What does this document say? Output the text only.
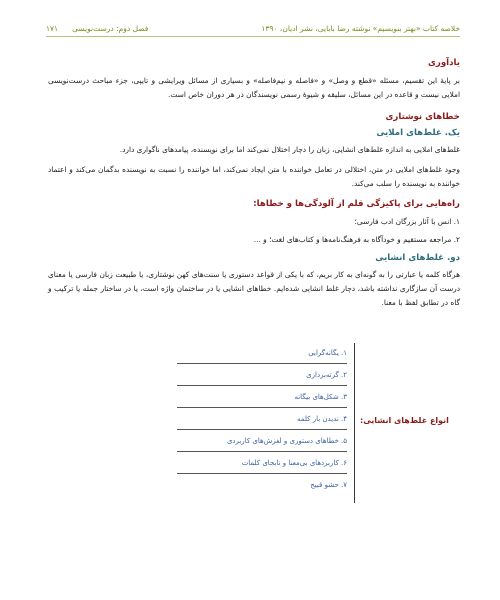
خلاصه کتاب «بهتر بنویسیم» نوشته رضا بابایی، نشر ادیان، ۱۳۹۰
۱۷۱ فصل دوم: درست‌نویسی
یادآوری

بر پایهٔ این تقسیم، مسئله «قطع و وصل» و «فاصله و نیم‌فاصله» و بسیاری از مسائل ویرایشی و تایپی، جزء مباحث درست‌نویسی املایی نیست و قاعده در این مسائل، سلیقه و شیوهٔ رسمی نویسندگان در هر دوران خاص است.

خطاهای نوشتاری
یک. غلط‌های املایی

غلط‌های املایی به اندازه غلط‌های انشایی، زبان را دچار اختلال نمی‌کند اما برای نویسنده، پیامدهای ناگواری دارد.

وجود غلط‌های املایی در متن، اختلالی در تعامل خواننده با متن ایجاد نمی‌کند، اما خواننده را نسبت به نویسنده بدگمان می‌کند و اعتماد خواننده به نویسنده را سلب می‌کند.

راه‌هایی برای پاکیزگی قلم از آلودگی‌ها و خطاها:
۱. انس با آثار بزرگان ادب فارسی؛
۲. مراجعه مستقیم و خودآگاه به فرهنگ‌نامه‌ها و کتاب‌های لغت؛ و ...
دو. غلط‌های انشایی

هرگاه کلمه یا عبارتی را به گونه‌ای به کار بریم، که با یکی از قواعد دستوری یا سنت‌های کهن نوشتاری، یا طبیعت زبان فارسی یا معنای درست آن سازگاری نداشته باشد، دچار غلط انشایی شده‌ایم. خطاهای انشایی یا در ساختمان واژه است، یا در ساختار جمله یا ترکیب و گاه در تطابق لفظ با معنا.

۱. یگانه‌گرایی
۲. گرته‌برداری
۳. شکل‌های بیگانه
۴. ندیدن بار کلمه
۵. خطاهای دستوری و لغزش‌های کاربردی
۶. کاربردهای بی‌معنا و نابجای کلمات
۷. حشو قبیح
انواع غلط‌های انشایی:
